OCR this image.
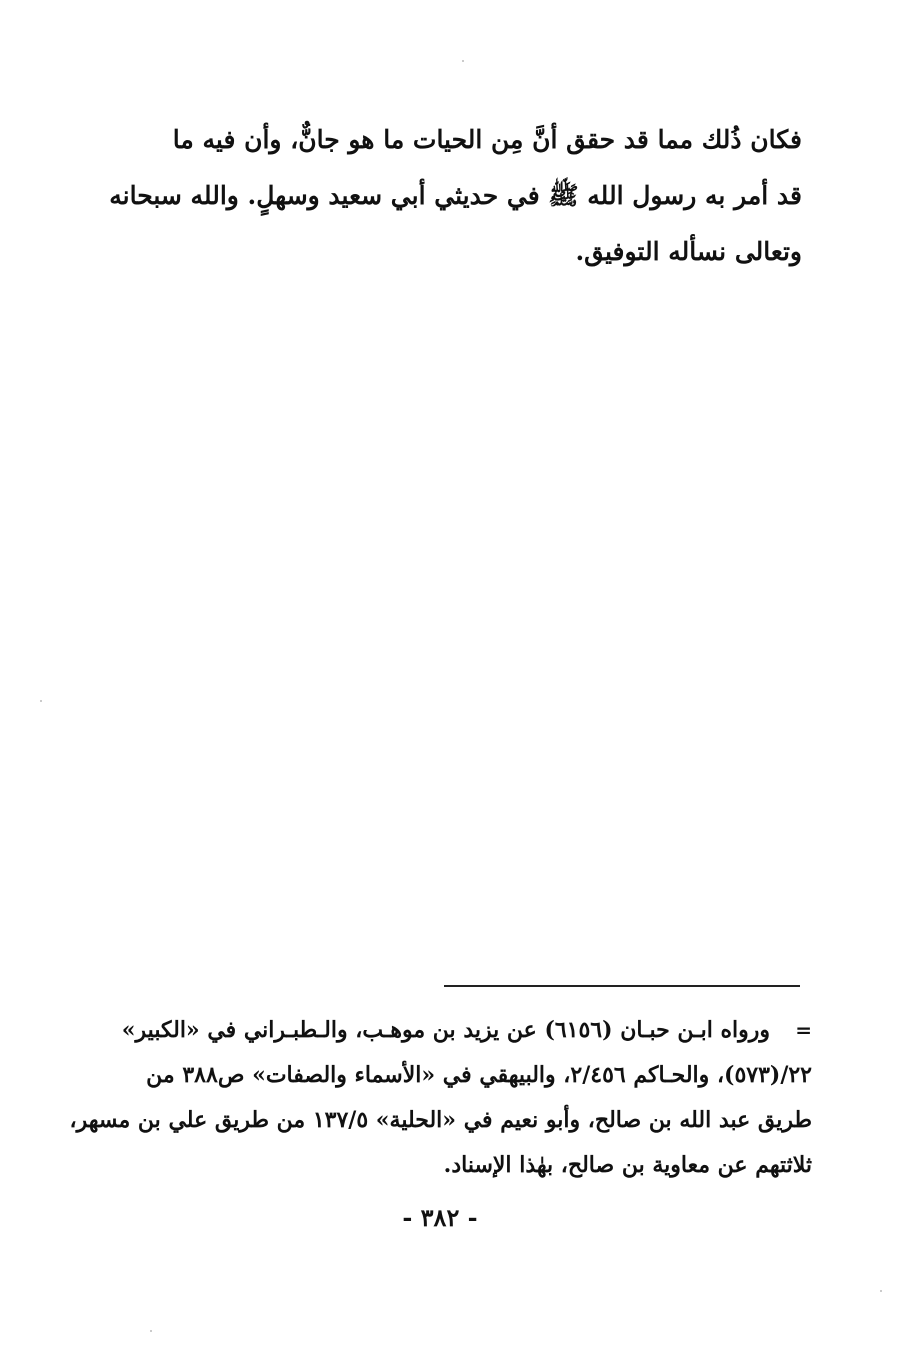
فكان ذُلك مما قد حقق أنَّ مِن الحيات ما هو جانٌّ، وأن فيه ما
قد أمر به رسول الله ﷺ في حديثي أبي سعيد وسهلٍ. والله سبحانه
وتعالى نسأله التوفيق.
=
ورواه ابـن حبـان (٦١٥٦) عن يزيد بن موهـب، والـطبـراني في «الكبير»
٢٢/(٥٧٣)، والحـاكم ٢/٤٥٦، والبيهقي في «الأسماء والصفات» ص٣٨٨ من
طريق عبد الله بن صالح، وأبو نعيم في «الحلية» ١٣٧/٥ من طريق علي بن مسهر،
ثلاثتهم عن معاوية بن صالح، بهٰذا الإسناد.
- ٣٨٢ -
